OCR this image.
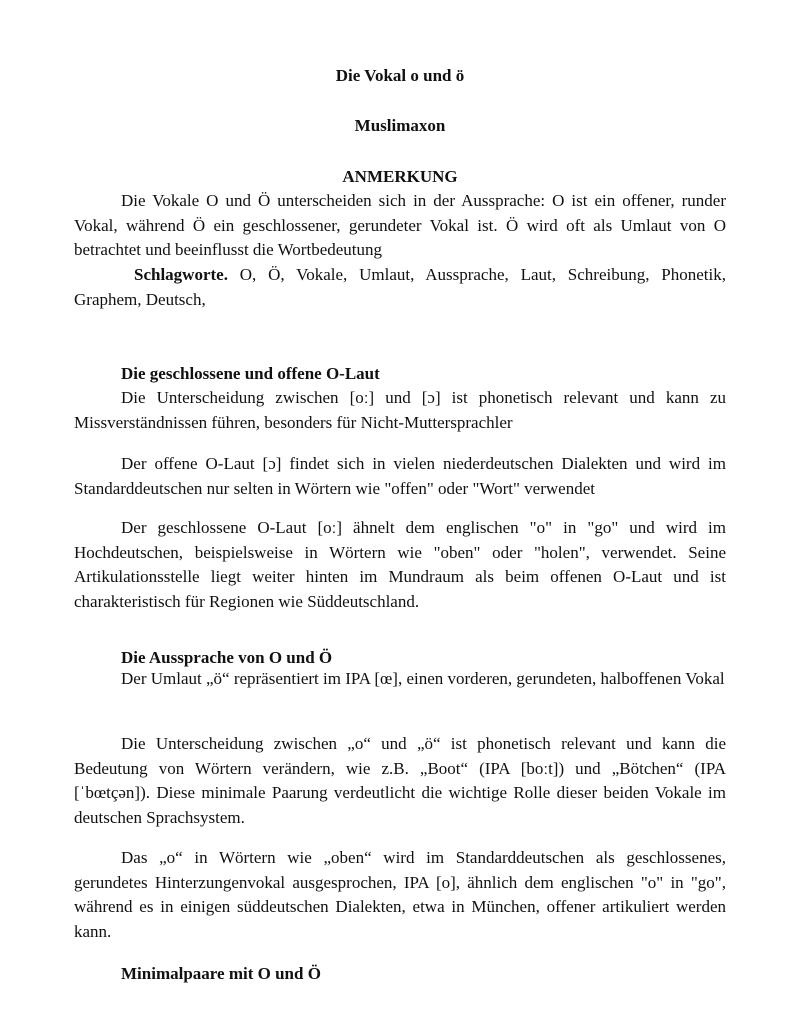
Die Vokal o und ö
Muslimaxon
ANMERKUNG

Die Vokale O und Ö unterscheiden sich in der Aussprache: O ist ein offener, runder Vokal, während Ö ein geschlossener, gerundeter Vokal ist. Ö wird oft als Umlaut von O betrachtet und beeinflusst die Wortbedeutung

Schlagworte. O, Ö, Vokale, Umlaut, Aussprache, Laut, Schreibung, Phonetik, Graphem, Deutsch,

Die geschlossene und offene O-Laut

Die Unterscheidung zwischen [oː] und [ɔ] ist phonetisch relevant und kann zu Missverständnissen führen, besonders für Nicht-Muttersprachler

Der offene O-Laut [ɔ] findet sich in vielen niederdeutschen Dialekten und wird im Standarddeutschen nur selten in Wörtern wie "offen" oder "Wort" verwendet

Der geschlossene O-Laut [oː] ähnelt dem englischen "o" in "go" und wird im Hochdeutschen, beispielsweise in Wörtern wie "oben" oder "holen", verwendet. Seine Artikulationsstelle liegt weiter hinten im Mundraum als beim offenen O-Laut und ist charakteristisch für Regionen wie Süddeutschland.

Die Aussprache von O und Ö

Der Umlaut „ö“ repräsentiert im IPA [œ], einen vorderen, gerundeten, halboffenen Vokal

Die Unterscheidung zwischen „o“ und „ö“ ist phonetisch relevant und kann die Bedeutung von Wörtern verändern, wie z.B. „Boot“ (IPA [boːt]) und „Bötchen“ (IPA [ˈbœtçən]). Diese minimale Paarung verdeutlicht die wichtige Rolle dieser beiden Vokale im deutschen Sprachsystem.

Das „o“ in Wörtern wie „oben“ wird im Standarddeutschen als geschlossenes, gerundetes Hinterzungenvokal ausgesprochen, IPA [o], ähnlich dem englischen "o" in "go", während es in einigen süddeutschen Dialekten, etwa in München, offener artikuliert werden kann.

Minimalpaare mit O und Ö
